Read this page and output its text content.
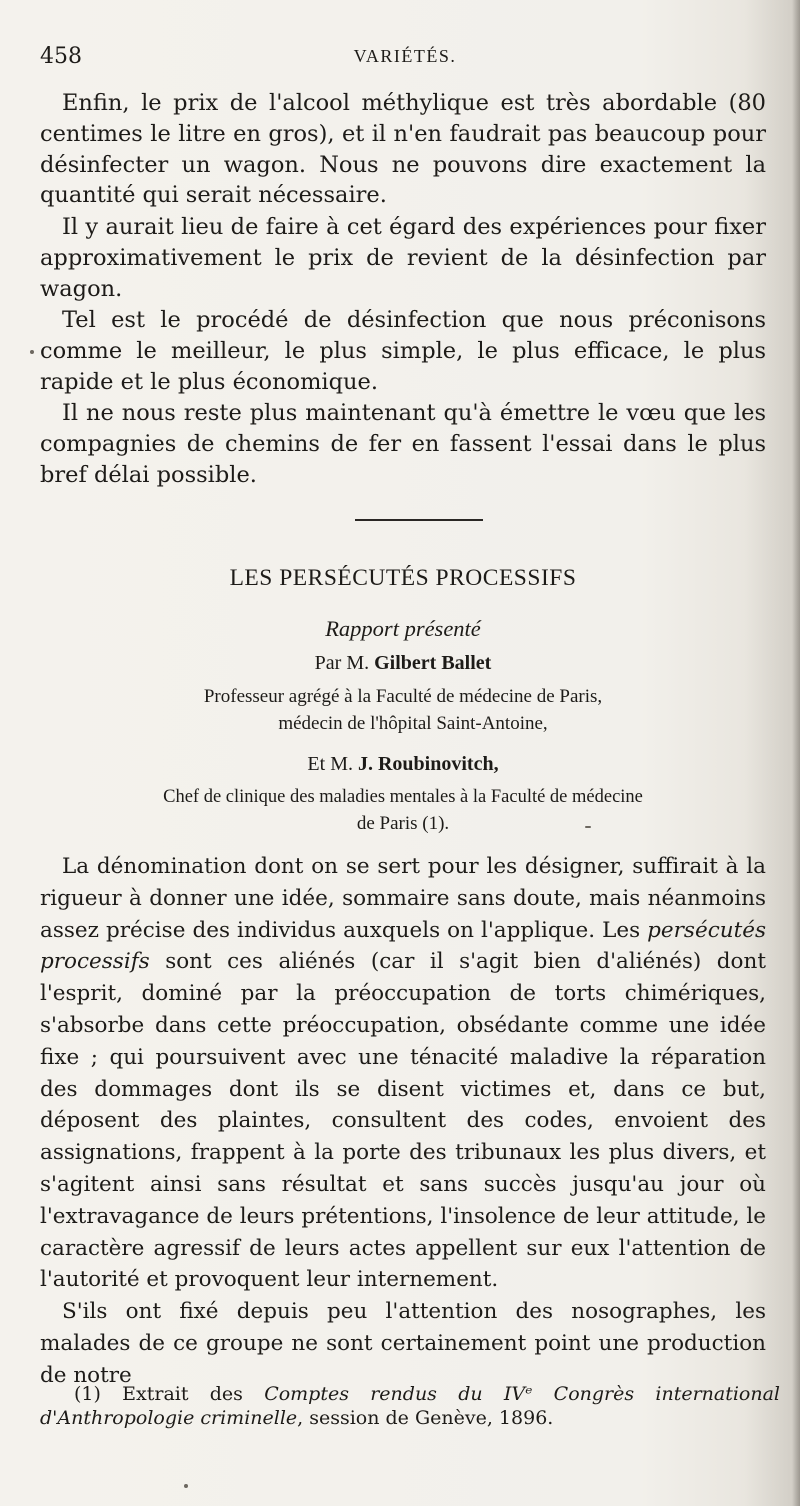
458	VARIÉTÉS.

Enfin, le prix de l'alcool méthylique est très abordable (80 centimes le litre en gros), et il n'en faudrait pas beaucoup pour désinfecter un wagon. Nous ne pouvons dire exactement la quantité qui serait nécessaire.

Il y aurait lieu de faire à cet égard des expériences pour fixer approximativement le prix de revient de la désinfection par wagon.

Tel est le procédé de désinfection que nous préconisons comme le meilleur, le plus simple, le plus efficace, le plus rapide et le plus économique.

Il ne nous reste plus maintenant qu'à émettre le vœu que les compagnies de chemins de fer en fassent l'essai dans le plus bref délai possible.

LES PERSÉCUTÉS PROCESSIFS

Rapport présenté

Par M. Gilbert Ballet

Professeur agrégé à la Faculté de médecine de Paris,

médecin de l'hôpital Saint-Antoine,

Et M. J. Roubinovitch,

Chef de clinique des maladies mentales à la Faculté de médecine

de Paris (1).

La dénomination dont on se sert pour les désigner, suffirait à la rigueur à donner une idée, sommaire sans doute, mais néanmoins assez précise des individus auxquels on l'applique. Les persécutés processifs sont ces aliénés (car il s'agit bien d'aliénés) dont l'esprit, dominé par la préoccupation de torts chimériques, s'absorbe dans cette préoccupation, obsédante comme une idée fixe ; qui poursuivent avec une ténacité maladive la réparation des dommages dont ils se disent victimes et, dans ce but, déposent des plaintes, consultent des codes, envoient des assignations, frappent à la porte des tribunaux les plus divers, et s'agitent ainsi sans résultat et sans succès jusqu'au jour où l'extravagance de leurs prétentions, l'insolence de leur attitude, le caractère agressif de leurs actes appellent sur eux l'attention de l'autorité et provoquent leur internement.

S'ils ont fixé depuis peu l'attention des nosographes, les malades de ce groupe ne sont certainement point une production de notre

(1) Extrait des Comptes rendus du IVᵉ Congrès international d'Anthropologie criminelle, session de Genève, 1896.
